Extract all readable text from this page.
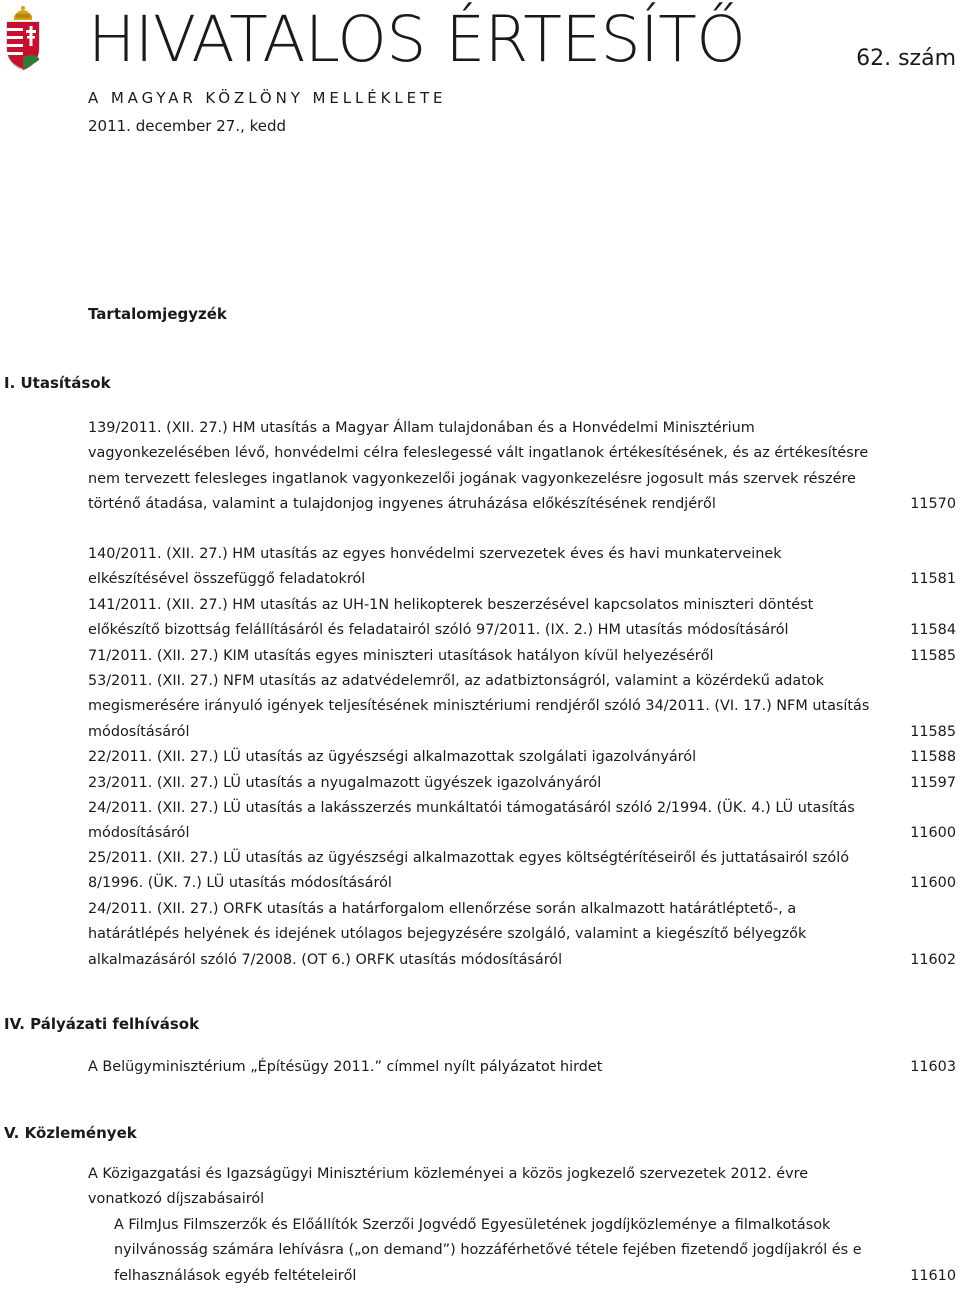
HIVATALOS ÉRTESÍTŐ	62. szám
A MAGYAR KÖZLÖNY MELLÉKLETE
2011. december 27., kedd
Tartalomjegyzék
I. Utasítások
139/2011. (XII. 27.) HM utasítás a Magyar Állam tulajdonában és a Honvédelmi Minisztérium vagyonkezelésében lévő, honvédelmi célra feleslegessé vált ingatlanok értékesítésének, és az értékesítésre nem tervezett felesleges ingatlanok vagyonkezelői jogának vagyonkezelésre jogosult más szervek részére történő átadása, valamint a tulajdonjog ingyenes átruházása előkészítésének rendjéről	11570
140/2011. (XII. 27.) HM utasítás az egyes honvédelmi szervezetek éves és havi munkaterveinek elkészítésével összefüggő feladatokról	11581
141/2011. (XII. 27.) HM utasítás az UH-1N helikopterek beszerzésével kapcsolatos miniszteri döntést előkészítő bizottság felállításáról és feladatairól szóló 97/2011. (IX. 2.) HM utasítás módosításáról	11584
71/2011. (XII. 27.) KIM utasítás egyes miniszteri utasítások hatályon kívül helyezéséről	11585
53/2011. (XII. 27.) NFM utasítás az adatvédelemről, az adatbiztonságról, valamint a közérdekű adatok megismerésére irányuló igények teljesítésének minisztériumi rendjéről szóló 34/2011. (VI. 17.) NFM utasítás módosításáról	11585
22/2011. (XII. 27.) LÜ utasítás az ügyészségi alkalmazottak szolgálati igazolványáról	11588
23/2011. (XII. 27.) LÜ utasítás a nyugalmazott ügyészek igazolványáról	11597
24/2011. (XII. 27.) LÜ utasítás a lakásszerzés munkáltatói támogatásáról szóló 2/1994. (ÜK. 4.) LÜ utasítás módosításáról	11600
25/2011. (XII. 27.) LÜ utasítás az ügyészségi alkalmazottak egyes költségtérítéseiről és juttatásairól szóló 8/1996. (ÜK. 7.) LÜ utasítás módosításáról	11600
24/2011. (XII. 27.) ORFK utasítás a határforgalom ellenőrzése során alkalmazott határátléptető-, a határátlépés helyének és idejének utólagos bejegyzésére szolgáló, valamint a kiegészítő bélyegzők alkalmazásáról szóló 7/2008. (OT 6.) ORFK utasítás módosításáról	11602
IV. Pályázati felhívások
A Belügyminisztérium „Építésügy 2011.” címmel nyílt pályázatot hirdet	11603
V. Közlemények
A Közigazgatási és Igazságügyi Minisztérium közleményei a közös jogkezelő szervezetek 2012. évre vonatkozó díjszabásairól
A FilmJus Filmszerzők és Előállítók Szerzői Jogvédő Egyesületének jogdíjközleménye a filmalkotások nyilvánosság számára lehívásra („on demand”) hozzáférhetővé tétele fejében fizetendő jogdíjakról és e felhasználások egyéb feltételeiről	11610
